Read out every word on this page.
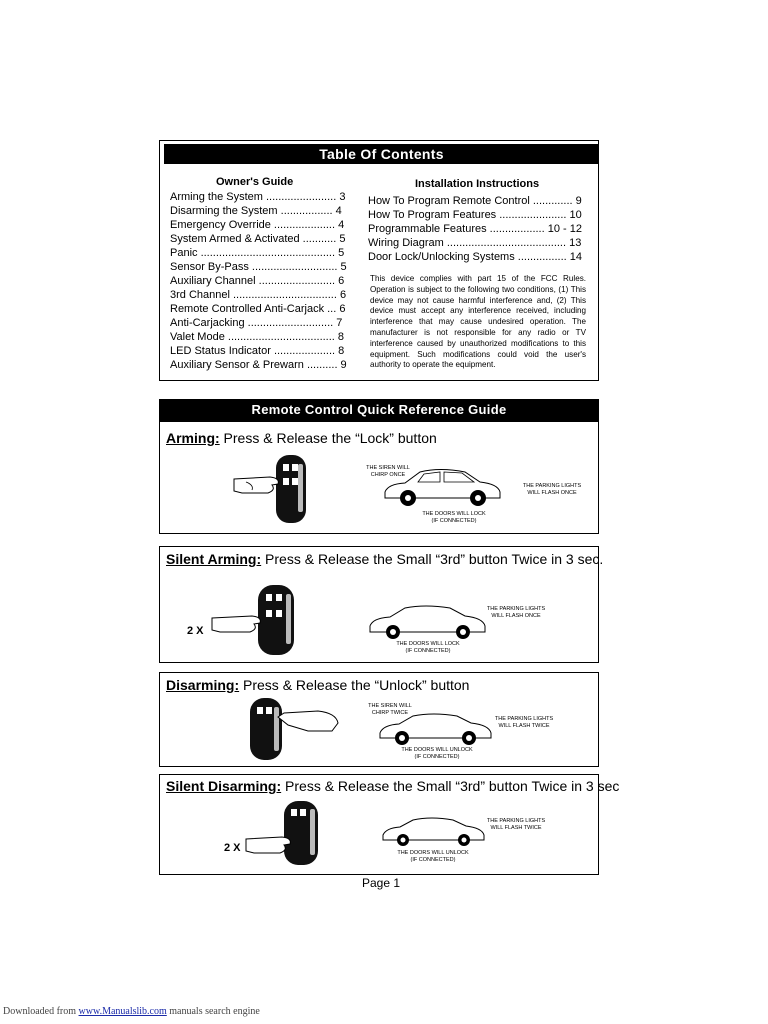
Table Of Contents
Owner's Guide
Arming the System ....................... 3
Disarming the System ................. 4
Emergency Override .................... 4
System Armed & Activated ........... 5
Panic ............................................ 5
Sensor By-Pass ............................ 5
Auxiliary Channel ......................... 6
3rd Channel .................................. 6
Remote Controlled Anti-Carjack ... 6
Anti-Carjacking ............................ 7
Valet Mode ................................... 8
LED Status Indicator .................... 8
Auxiliary Sensor & Prewarn .......... 9
Installation Instructions
How To Program Remote Control ............. 9
How To Program Features ...................... 10
Programmable Features .................. 10 - 12
Wiring Diagram ....................................... 13
Door Lock/Unlocking Systems ................ 14
This device complies with part 15 of the FCC Rules. Operation is subject to the following two conditions, (1) This device may not cause harmful interference and, (2) This device must accept any interference received, including interference that may cause undesired operation. The manufacturer is not responsible for any radio or TV interference caused by unauthorized modifications to this equipment. Such modifications could void the user's authority to operate the equipment.
Remote Control Quick Reference Guide
Arming: Press & Release the “Lock” button
THE SIREN WILL
CHIRP ONCE
THE PARKING LIGHTS
WILL FLASH ONCE
THE DOORS WILL LOCK
(IF CONNECTED)
Silent Arming: Press & Release the Small “3rd” button Twice in 3 sec.
2 X
THE PARKING LIGHTS
WILL FLASH ONCE
THE DOORS WILL LOCK
(IF CONNECTED)
Disarming: Press & Release the “Unlock” button
THE SIREN WILL
CHIRP TWICE
THE PARKING LIGHTS
WILL FLASH TWICE
THE DOORS WILL UNLOCK
(IF CONNECTED)
Silent Disarming: Press & Release the Small “3rd” button Twice in 3 sec
2 X
THE PARKING LIGHTS
WILL FLASH TWICE
THE DOORS WILL UNLOCK
(IF CONNECTED)
Page 1
Downloaded from www.Manualslib.com manuals search engine
